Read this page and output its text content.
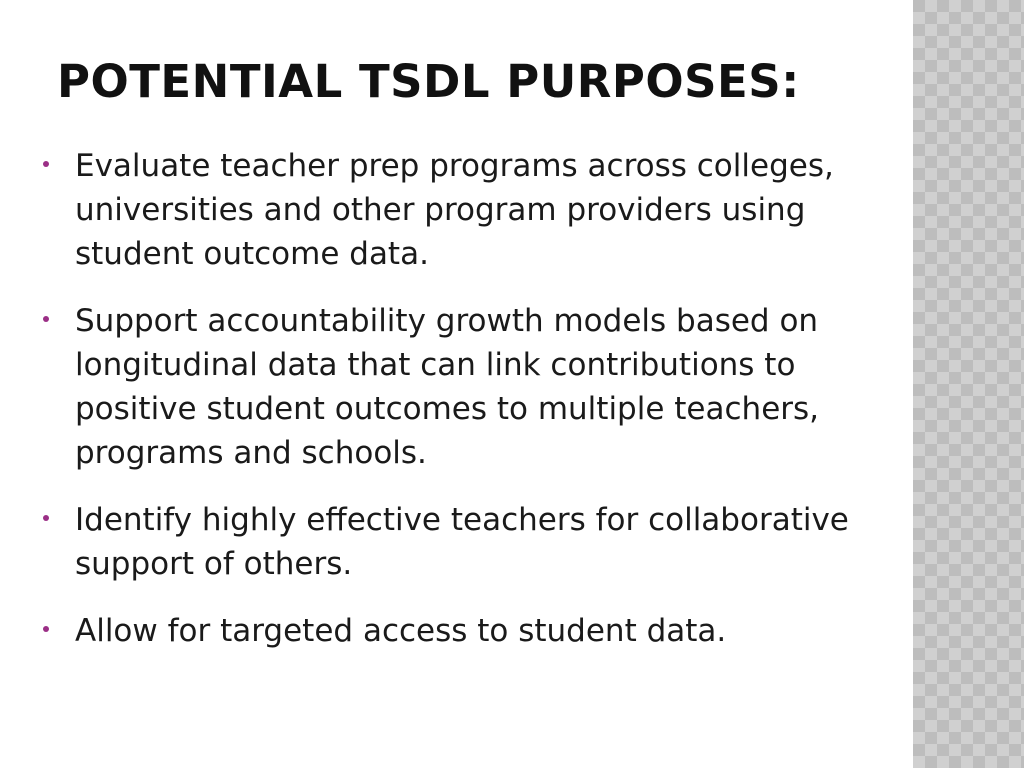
POTENTIAL TSDL PURPOSES:
Evaluate teacher prep programs across colleges, universities and other program providers using student outcome data.
Support accountability growth models based on longitudinal data that can link contributions to positive student outcomes to multiple teachers, programs and schools.
Identify highly effective teachers for collaborative support of others.
Allow for targeted access to student data.
